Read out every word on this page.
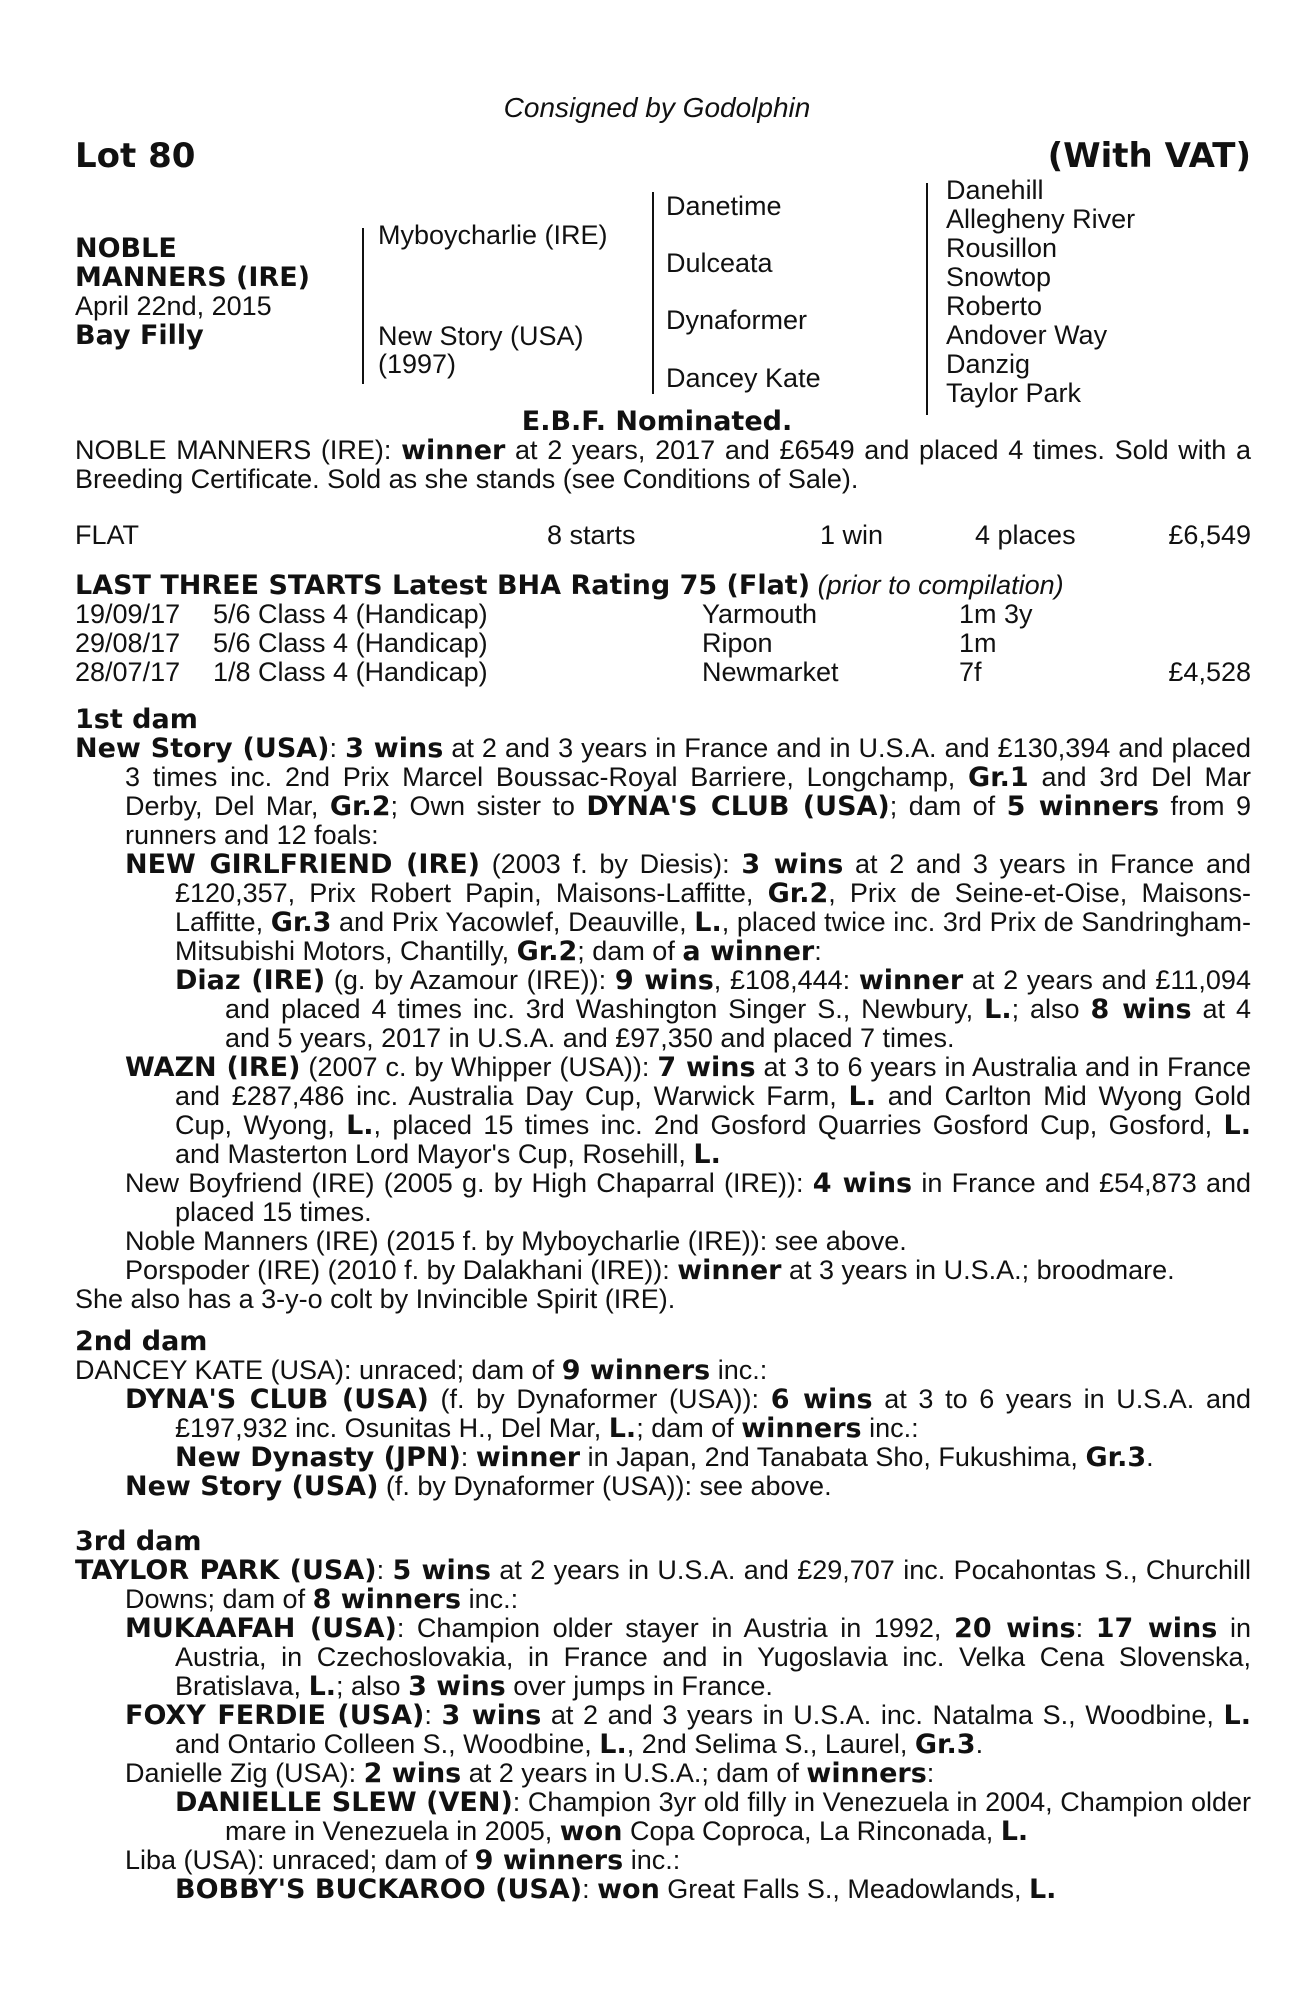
Consigned by Godolphin
Lot 80	(With VAT)
NOBLE
MANNERS (IRE)
April 22nd, 2015
Bay Filly
Myboycharlie (IRE)
New Story (USA)
(1997)
Danetime
Dulceata
Dynaformer
Dancey Kate
Danehill
Allegheny River
Rousillon
Snowtop
Roberto
Andover Way
Danzig
Taylor Park
E.B.F. Nominated.
NOBLE MANNERS (IRE): winner at 2 years, 2017 and £6549 and placed 4 times. Sold with a Breeding Certificate. Sold as she stands (see Conditions of Sale).
FLAT	8 starts	1 win	4 places	£6,549
LAST THREE STARTS Latest BHA Rating 75 (Flat) (prior to compilation)
19/09/17 5/6 Class 4 (Handicap)	Yarmouth	1m 3y
29/08/17 5/6 Class 4 (Handicap)	Ripon	1m
28/07/17 1/8 Class 4 (Handicap)	Newmarket	7f	£4,528
1st dam
New Story (USA): 3 wins at 2 and 3 years in France and in U.S.A. and £130,394 and placed 3 times inc. 2nd Prix Marcel Boussac-Royal Barriere, Longchamp, Gr.1 and 3rd Del Mar Derby, Del Mar, Gr.2; Own sister to DYNA'S CLUB (USA); dam of 5 winners from 9 runners and 12 foals:
NEW GIRLFRIEND (IRE) (2003 f. by Diesis): 3 wins at 2 and 3 years in France and £120,357, Prix Robert Papin, Maisons-Laffitte, Gr.2, Prix de Seine-et-Oise, Maisons-Laffitte, Gr.3 and Prix Yacowlef, Deauville, L., placed twice inc. 3rd Prix de Sandringham- Mitsubishi Motors, Chantilly, Gr.2; dam of a winner:
Diaz (IRE) (g. by Azamour (IRE)): 9 wins, £108,444: winner at 2 years and £11,094 and placed 4 times inc. 3rd Washington Singer S., Newbury, L.; also 8 wins at 4 and 5 years, 2017 in U.S.A. and £97,350 and placed 7 times.
WAZN (IRE) (2007 c. by Whipper (USA)): 7 wins at 3 to 6 years in Australia and in France and £287,486 inc. Australia Day Cup, Warwick Farm, L. and Carlton Mid Wyong Gold Cup, Wyong, L., placed 15 times inc. 2nd Gosford Quarries Gosford Cup, Gosford, L. and Masterton Lord Mayor's Cup, Rosehill, L.
New Boyfriend (IRE) (2005 g. by High Chaparral (IRE)): 4 wins in France and £54,873 and placed 15 times.
Noble Manners (IRE) (2015 f. by Myboycharlie (IRE)): see above.
Porspoder (IRE) (2010 f. by Dalakhani (IRE)): winner at 3 years in U.S.A.; broodmare.
She also has a 3-y-o colt by Invincible Spirit (IRE).
2nd dam
DANCEY KATE (USA): unraced; dam of 9 winners inc.:
DYNA'S CLUB (USA) (f. by Dynaformer (USA)): 6 wins at 3 to 6 years in U.S.A. and £197,932 inc. Osunitas H., Del Mar, L.; dam of winners inc.:
New Dynasty (JPN): winner in Japan, 2nd Tanabata Sho, Fukushima, Gr.3.
New Story (USA) (f. by Dynaformer (USA)): see above.
3rd dam
TAYLOR PARK (USA): 5 wins at 2 years in U.S.A. and £29,707 inc. Pocahontas S., Churchill Downs; dam of 8 winners inc.:
MUKAAFAH (USA): Champion older stayer in Austria in 1992, 20 wins: 17 wins in Austria, in Czechoslovakia, in France and in Yugoslavia inc. Velka Cena Slovenska, Bratislava, L.; also 3 wins over jumps in France.
FOXY FERDIE (USA): 3 wins at 2 and 3 years in U.S.A. inc. Natalma S., Woodbine, L. and Ontario Colleen S., Woodbine, L., 2nd Selima S., Laurel, Gr.3.
Danielle Zig (USA): 2 wins at 2 years in U.S.A.; dam of winners:
DANIELLE SLEW (VEN): Champion 3yr old filly in Venezuela in 2004, Champion older mare in Venezuela in 2005, won Copa Coproca, La Rinconada, L.
Liba (USA): unraced; dam of 9 winners inc.:
BOBBY'S BUCKAROO (USA): won Great Falls S., Meadowlands, L.
